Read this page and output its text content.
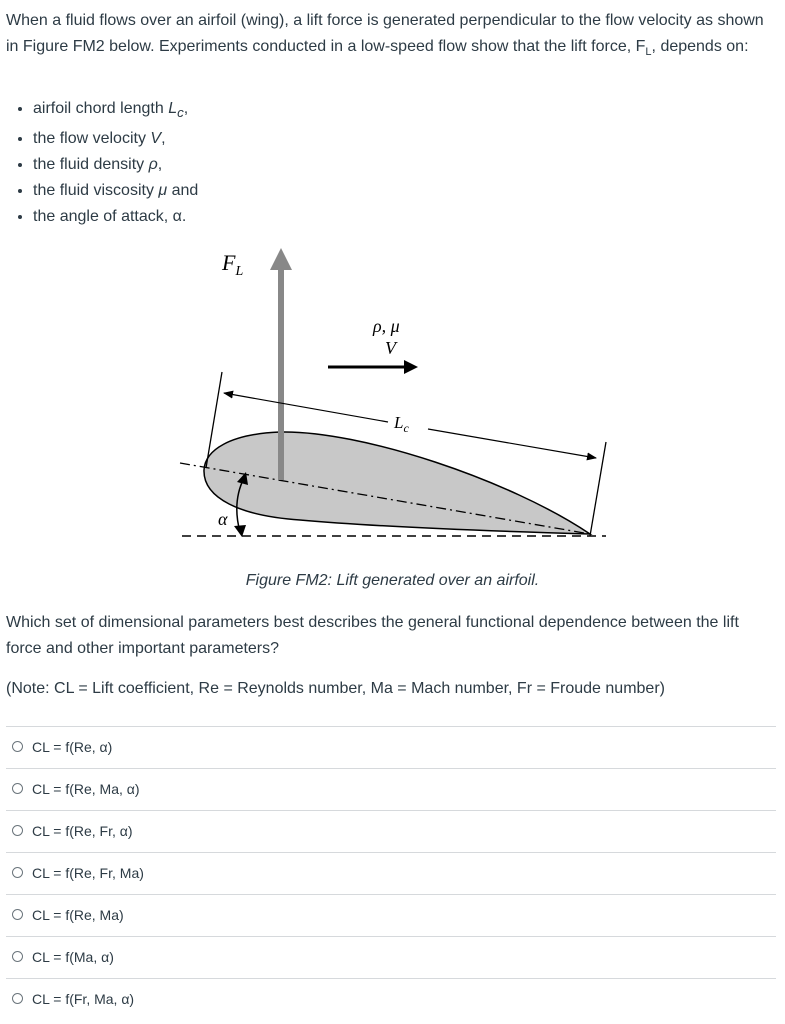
When a fluid flows over an airfoil (wing), a lift force is generated perpendicular to the flow velocity as shown in Figure FM2 below. Experiments conducted in a low-speed flow show that the lift force, $F_L$, depends on:

• airfoil chord length $L_c$,
• the flow velocity V,
• the fluid density ρ,
• the fluid viscosity μ and
• the angle of attack, α.
$F_L$
ρ, μ
V
$L_c$
α
Figure FM2: Lift generated over an airfoil.

Which set of dimensional parameters best describes the general functional dependence between the lift force and other important parameters?

(Note: CL = Lift coefficient, Re = Reynolds number, Ma = Mach number, Fr = Froude number)

CL = f(Re, α)
CL = f(Re, Ma, α)
CL = f(Re, Fr, α)
CL = f(Re, Fr, Ma)
CL = f(Re, Ma)
CL = f(Ma, α)
CL = f(Fr, Ma, α)
